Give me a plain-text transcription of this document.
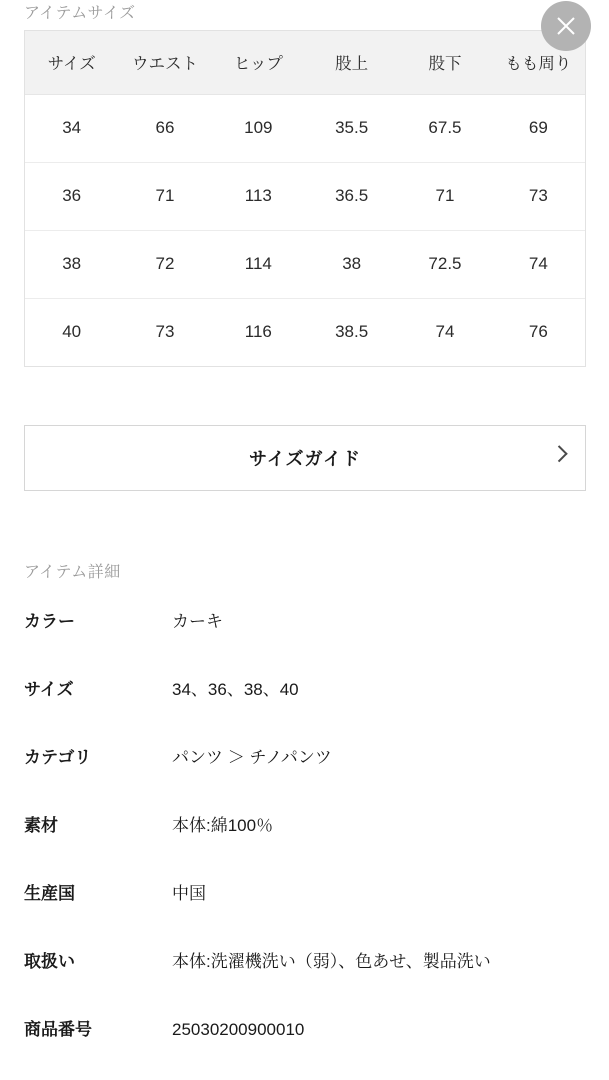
アイテムサイズ
サイズ	ウエスト	ヒップ	股上	股下	もも周り
34	66	109	35.5	67.5	69
36	71	113	36.5	71	73
38	72	114	38	72.5	74
40	73	116	38.5	74	76
サイズガイド
アイテム詳細
カラー	カーキ
サイズ	34、36、38、40
カテゴリ	パンツ ＞ チノパンツ
素材	本体:綿100％
生産国	中国
取扱い	本体:洗濯機洗い（弱）、色あせ、製品洗い
商品番号	25030200900010
